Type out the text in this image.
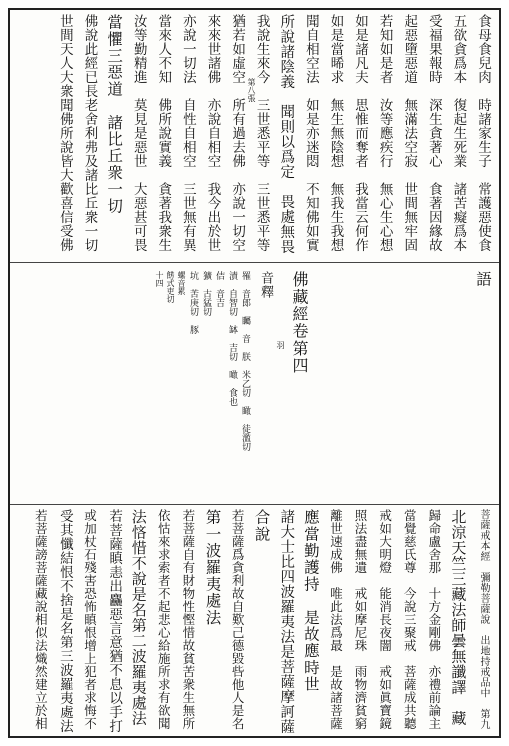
食母食兒肉　時諸家生子　常護惡使食
五欲貪爲本　復起生死業　諸苦癡爲本
受福果報時　深生貪著心　食著因緣故
起惡墮惡道　無滿法空寂　世間無牢固
若知如是者　汝等應疾行　無心生心想
如是諸凡夫　思惟而奪者　我當云何作
如是當晞求　無生無陰想　無我生我想
聞自相空法　如是亦迷悶　不知佛如實
所說諸陰義　聞則以爲定　畏處無畏
我說生來今　三世悉平等　三世悉平等
猶若如虛空　所有過去佛　亦說一切空
來來世諸佛　亦說自相空　我今出於世
亦說一切法　自性自相空　三世無有異
當來人不知　佛所說實義　貪著我衆生
汝等勤精進　莫見是惡世　大惡甚可畏
當懼三惡道　諸比丘衆一切
佛說此經已長老舍利弗及諸比丘衆一切
世間天人大衆聞佛所說皆大歡喜信受佛	第八張
語
佛藏經卷第四
羽
音釋
罹　音郎　矚　音　朕　米乙切　瞰　徒濫切
漬　自智切　缽　吉切　噉　食也
佶　音吉
獷　古猛切
坑　苦庚切　豚
螺音累
餝式吏切
十四
菩薩戒本經　彌勒菩薩說　出地持戒品中　第九
北涼天竺三藏法師曇無讖譯　藏
歸命盧舍那　十方金剛佛　亦禮前論主
當覺慈氏尊　今說三聚戒　菩薩成共聽
戒如大明燈　能消長夜闇　戒如眞寶鏡
照法盡無遺　戒如摩尼珠　雨物濟貧窮
離世速成佛　唯此法爲最　是故諸菩薩
應當勤護持　是故應時世
諸大士比四波羅夷法是菩薩摩訶薩
合說
若菩薩爲貪利故自歎己德毀呰他人是名
第一波羅夷處法
若菩薩自有財物性慳惜故貧苦衆生無所
依怙來求索者不起悲心給施所求有欲聞
法悋惜不說是名第二波羅夷處法
若菩薩瞋恚出麤惡言意猶不息以手打
或加杖石殘害恐怖瞋恨增上犯者求悔不
受其懺結恨不捨是名第三波羅夷處法
若菩薩謗菩薩藏說相似法熾然建立於相
